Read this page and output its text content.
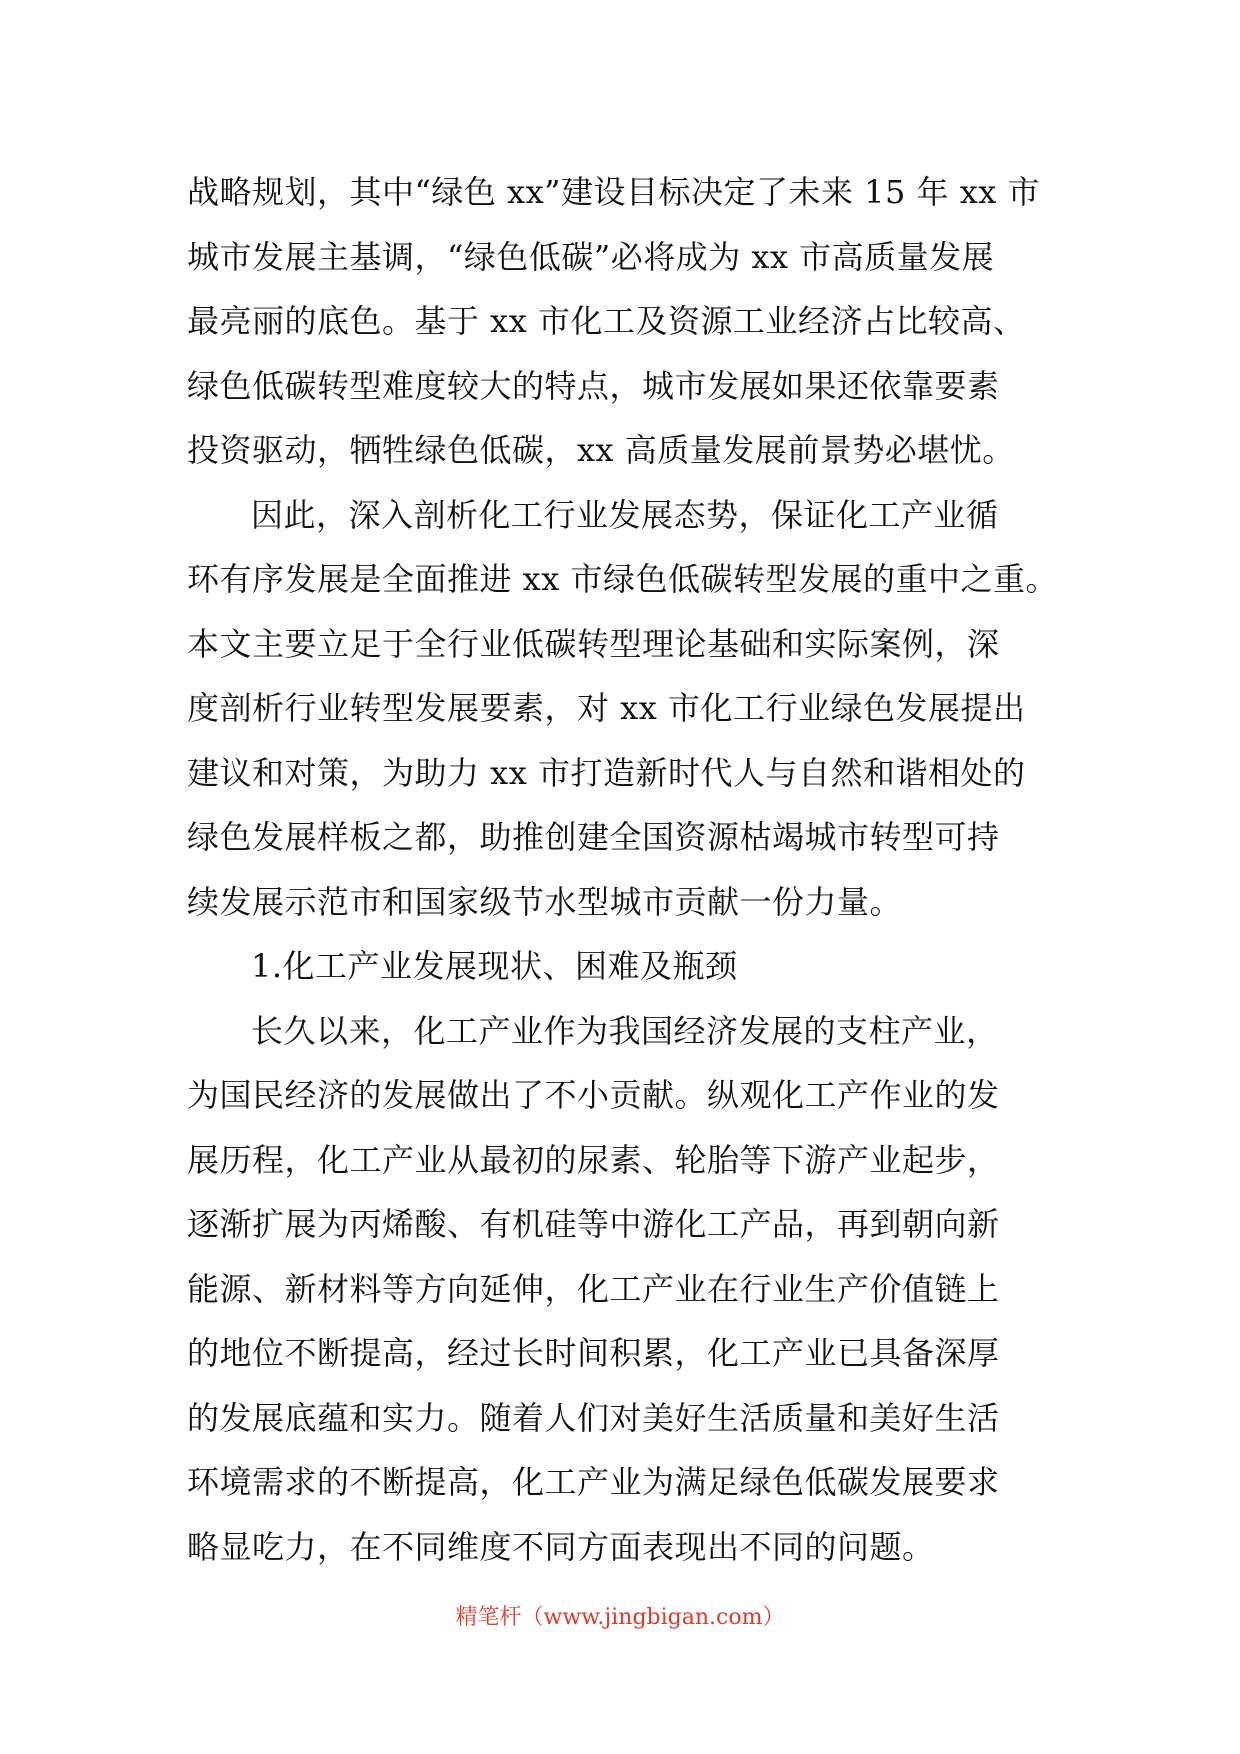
战略规划，其中“绿色 xx”建设目标决定了未来 15 年 xx 市
城市发展主基调，“绿色低碳”必将成为 xx 市高质量发展
最亮丽的底色。基于 xx 市化工及资源工业经济占比较高、
绿色低碳转型难度较大的特点，城市发展如果还依靠要素
投资驱动，牺牲绿色低碳，xx 高质量发展前景势必堪忧。
因此，深入剖析化工行业发展态势，保证化工产业循
环有序发展是全面推进 xx 市绿色低碳转型发展的重中之重。
本文主要立足于全行业低碳转型理论基础和实际案例，深
度剖析行业转型发展要素，对 xx 市化工行业绿色发展提出
建议和对策，为助力 xx 市打造新时代人与自然和谐相处的
绿色发展样板之都，助推创建全国资源枯竭城市转型可持
续发展示范市和国家级节水型城市贡献一份力量。
1.化工产业发展现状、困难及瓶颈
长久以来，化工产业作为我国经济发展的支柱产业，
为国民经济的发展做出了不小贡献。纵观化工产作业的发
展历程，化工产业从最初的尿素、轮胎等下游产业起步，
逐渐扩展为丙烯酸、有机硅等中游化工产品，再到朝向新
能源、新材料等方向延伸，化工产业在行业生产价值链上
的地位不断提高，经过长时间积累，化工产业已具备深厚
的发展底蕴和实力。随着人们对美好生活质量和美好生活
环境需求的不断提高，化工产业为满足绿色低碳发展要求
略显吃力，在不同维度不同方面表现出不同的问题。
精笔杆（www.jingbigan.com）
